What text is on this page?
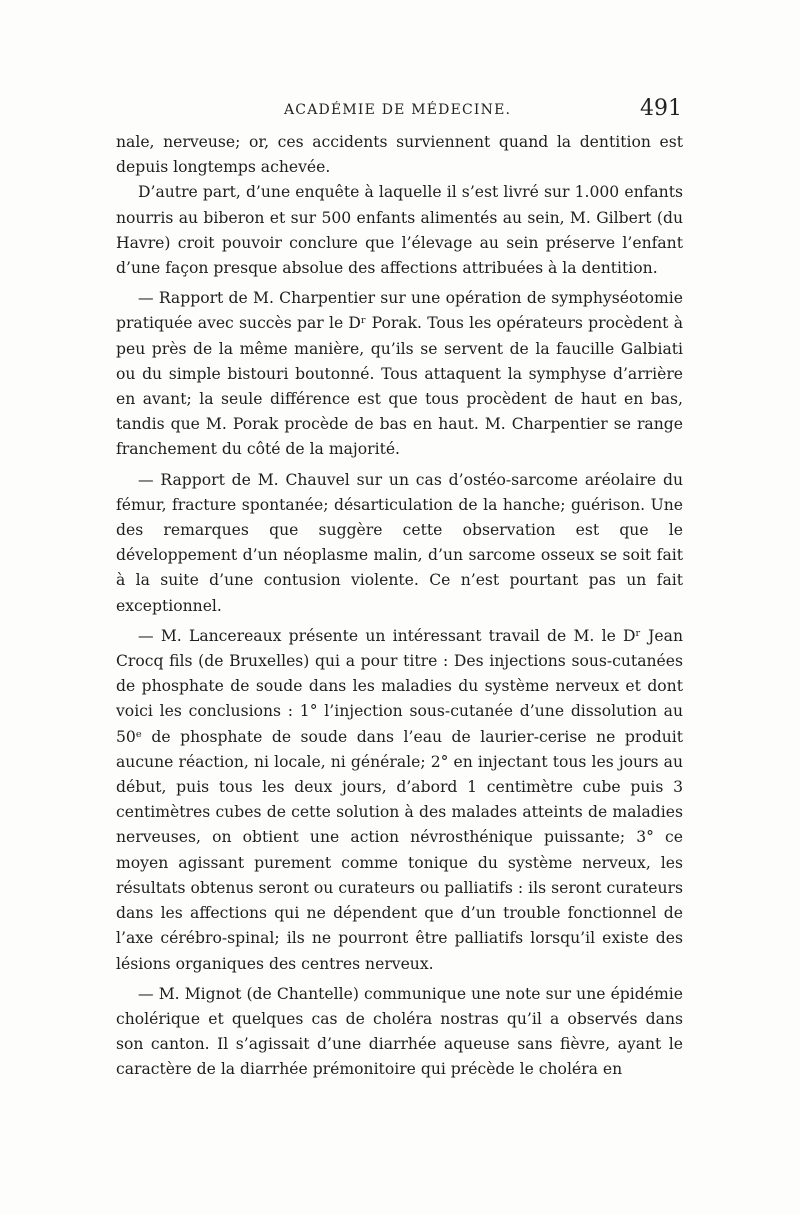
ACADÉMIE DE MÉDECINE.	491

nale, nerveuse; or, ces accidents surviennent quand la dentition est depuis longtemps achevée.

D’autre part, d’une enquête à laquelle il s’est livré sur 1.000 enfants nourris au biberon et sur 500 enfants alimentés au sein, M. Gilbert (du Havre) croit pouvoir conclure que l’élevage au sein préserve l’enfant d’une façon presque absolue des affections attribuées à la dentition.

— Rapport de M. Charpentier sur une opération de symphyséotomie pratiquée avec succès par le Dʳ Porak. Tous les opérateurs procèdent à peu près de la même manière, qu’ils se servent de la faucille Galbiati ou du simple bistouri boutonné. Tous attaquent la symphyse d’arrière en avant; la seule différence est que tous procèdent de haut en bas, tandis que M. Porak procède de bas en haut. M. Charpentier se range franchement du côté de la majorité.

— Rapport de M. Chauvel sur un cas d’ostéo-sarcome aréolaire du fémur, fracture spontanée; désarticulation de la hanche; guérison. Une des remarques que suggère cette observation est que le développement d’un néoplasme malin, d’un sarcome osseux se soit fait à la suite d’une contusion violente. Ce n’est pourtant pas un fait exceptionnel.

— M. Lancereaux présente un intéressant travail de M. le Dʳ Jean Crocq fils (de Bruxelles) qui a pour titre : Des injections sous-cutanées de phosphate de soude dans les maladies du système nerveux et dont voici les conclusions : 1° l’injection sous-cutanée d’une dissolution au 50ᵉ de phosphate de soude dans l’eau de laurier-cerise ne produit aucune réaction, ni locale, ni générale; 2° en injectant tous les jours au début, puis tous les deux jours, d’abord 1 centimètre cube puis 3 centimètres cubes de cette solution à des malades atteints de maladies nerveuses, on obtient une action névrosthénique puissante; 3° ce moyen agissant purement comme tonique du système nerveux, les résultats obtenus seront ou curateurs ou palliatifs : ils seront curateurs dans les affections qui ne dépendent que d’un trouble fonctionnel de l’axe cérébro-spinal; ils ne pourront être palliatifs lorsqu’il existe des lésions organiques des centres nerveux.

— M. Mignot (de Chantelle) communique une note sur une épidémie cholérique et quelques cas de choléra nostras qu’il a observés dans son canton. Il s’agissait d’une diarrhée aqueuse sans fièvre, ayant le caractère de la diarrhée prémonitoire qui précède le choléra en
